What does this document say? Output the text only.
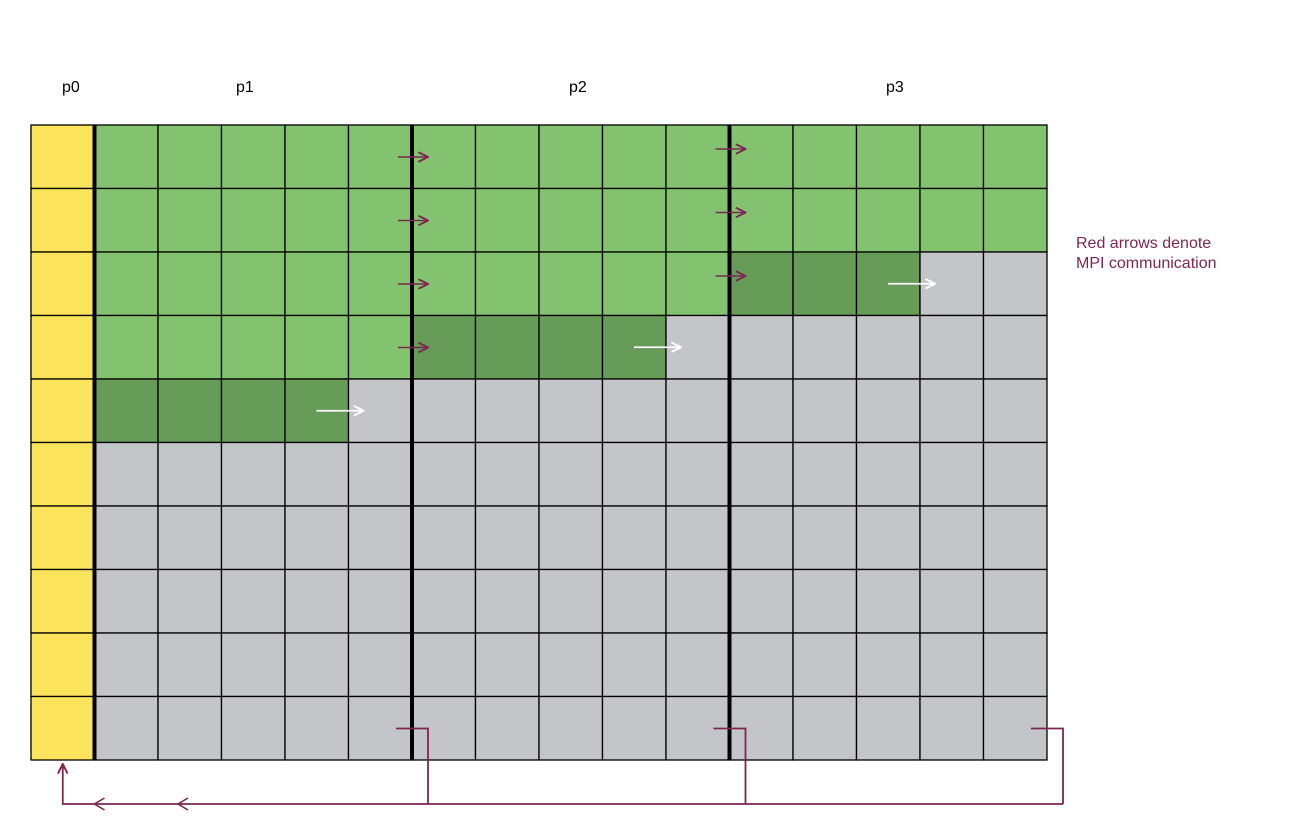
p0	p1	p2	p3
Red arrows denote
MPI communication
